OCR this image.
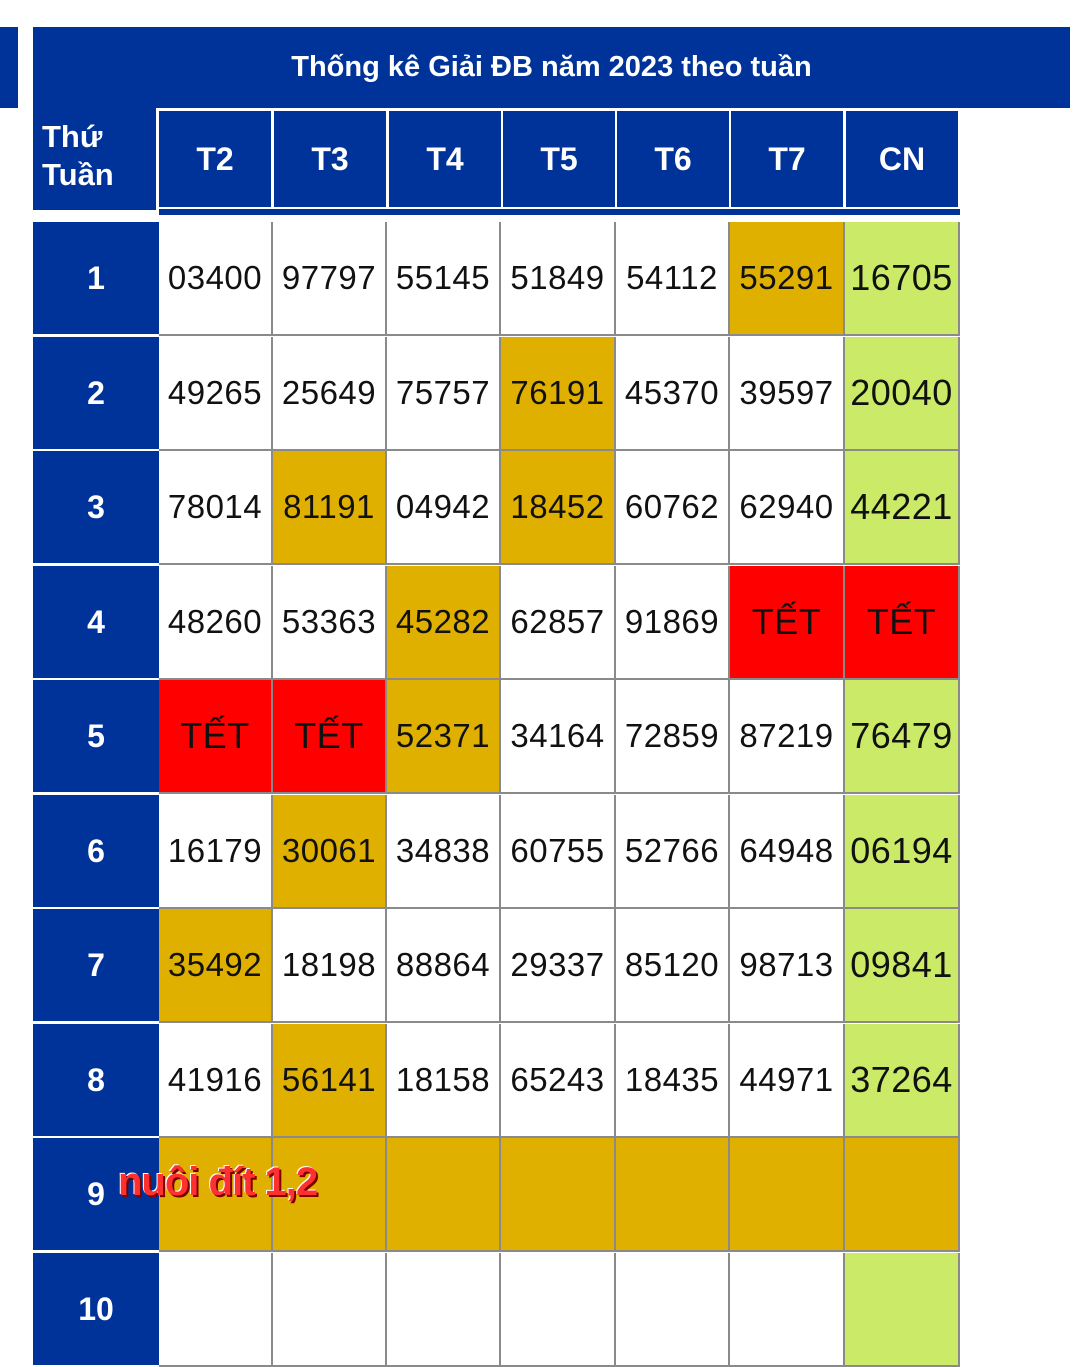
Thống kê Giải ĐB năm 2023 theo tuần
Thứ
Tuần	T2	T3	T4	T5	T6	T7	CN
1	03400 97797 55145 51849 54112 55291 16705
2	49265 25649 75757 76191 45370 39597 20040
3	78014 81191 04942 18452 60762 62940 44221
4	48260 53363 45282 62857 91869 TẾT	TẾT
5	TẾT	TẾT 52371 34164 72859 87219 76479
6	16179 30061 34838 60755 52766 64948 06194
7	35492 18198 88864 29337 85120 98713 09841
8	41916 56141 18158 65243 18435 44971 37264
9
10
nuôi đít 1,2
